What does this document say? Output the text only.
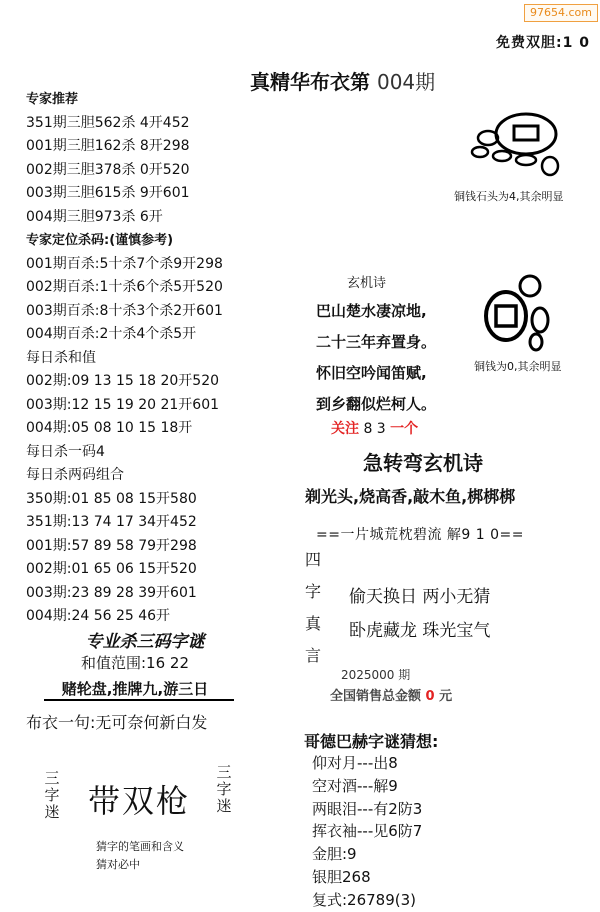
97654.com
免费双胆:1 0
真精华布衣第 004期
专家推荐
351期三胆562杀 4开452
001期三胆162杀 8开298
002期三胆378杀 0开520
003期三胆615杀 9开601
004期三胆973杀 6开
专家定位杀码:(谨慎参考)
001期百杀:5十杀7个杀9开298
002期百杀:1十杀6个杀5开520
003期百杀:8十杀3个杀2开601
004期百杀:2十杀4个杀5开
每日杀和值
002期:09 13 15 18 20开520
003期:12 15 19 20 21开601
004期:05 08 10 15 18开
每日杀一码4
每日杀两码组合
350期:01 85 08 15开580
351期:13 74 17 34开452
001期:57 89 58 79开298
002期:01 65 06 15开520
003期:23 89 28 39开601
004期:24 56 25 46开
专业杀三码字谜
和值范围:16 22
赌轮盘,推牌九,游三日
布衣一句:无可奈何新白发
三字迷
三字迷
带双枪
猜字的笔画和含义
猜对必中
铜钱石头为4,其余明显
铜钱为0,其余明显
玄机诗
巴山楚水凄凉地,
二十三年弃置身。
怀旧空吟闻笛赋,
到乡翻似烂柯人。
关注 8 3 一个
急转弯玄机诗
剃光头,烧高香,敲木鱼,梆梆梆
==一片城荒枕碧流 解9 1 0==
四
字
真
言
偷天换日 两小无猜
卧虎藏龙 珠光宝气
2025000 期
全国销售总金额 0 元
哥德巴赫字谜猜想:
仰对月---出8
空对酒---解9
两眼泪---有2防3
挥衣袖---见6防7
金胆:9
银胆268
复式:26789(3)
